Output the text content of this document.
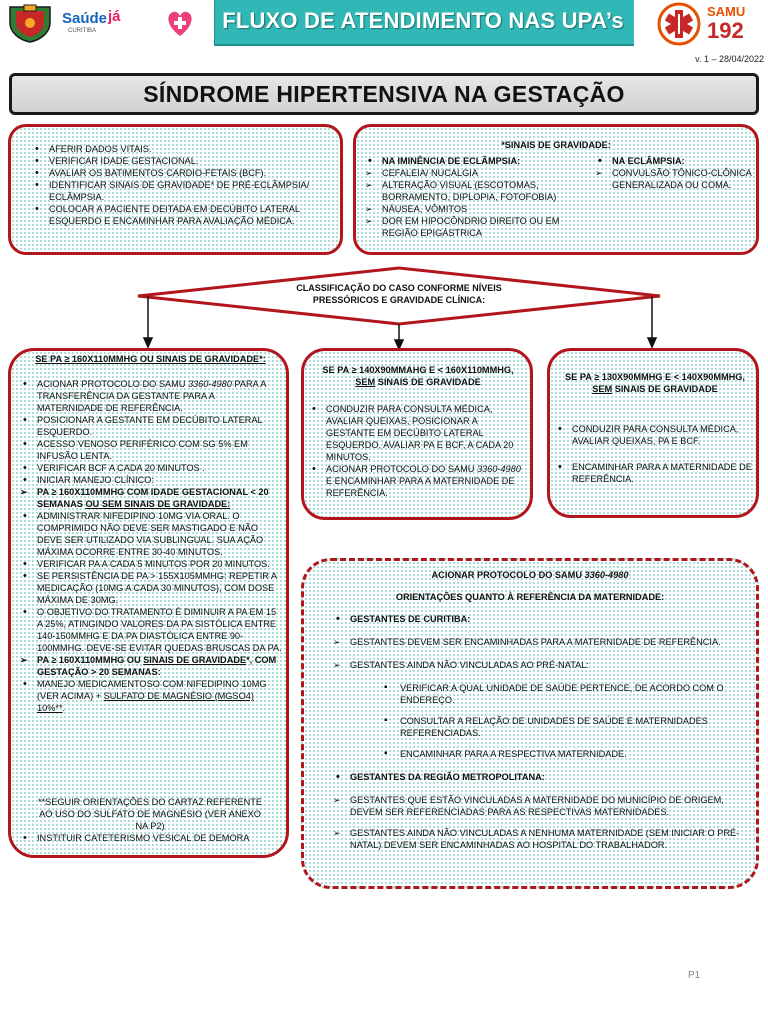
Saúde já
CURITIBA	FLUXO DE ATENDIMENTO NAS UPA’s	SAMU
192
v. 1 – 28/04/2022
SÍNDROME HIPERTENSIVA NA GESTAÇÃO
• AFERIR DADOS VITAIS.
• VERIFICAR IDADE GESTACIONAL.
• AVALIAR OS BATIMENTOS CARDIO-FETAIS (BCF).
• IDENTIFICAR SINAIS DE GRAVIDADE* DE PRÉ-ECLÂMPSIA/ ECLÂMPSIA.
• COLOCAR A PACIENTE DEITADA EM DECÚBITO LATERAL ESQUERDO E ENCAMINHAR PARA AVALIAÇÃO MÉDICA.
*SINAIS DE GRAVIDADE:
• NA IMINÊNCIA DE ECLÂMPSIA:
➢ CEFALEIA/ NUCALGIA
➢ ALTERAÇÃO VISUAL (ESCOTOMAS, BORRAMENTO, DIPLOPIA, FOTOFOBIA)
➢ NÁUSEA, VÔMITOS
➢ DOR EM HIPOCÔNDRIO DIREITO OU EM REGIÃO EPIGÁSTRICA
• NA ECLÂMPSIA:
➢ CONVULSÃO TÔNICO-CLÔNICA GENERALIZADA OU COMA.
CLASSIFICAÇÃO DO CASO CONFORME NÍVEIS PRESSÓRICOS E GRAVIDADE CLÍNICA:
SE PA ≥ 160X110MMHG OU SINAIS DE GRAVIDADE*:
• ACIONAR PROTOCOLO DO SAMU 3360-4980 PARA A TRANSFERÊNCIA DA GESTANTE PARA A MATERNIDADE DE REFERÊNCIA.
• POSICIONAR A GESTANTE EM DECÚBITO LATERAL ESQUERDO.
• ACESSO VENOSO PERIFÉRICO COM SG 5% EM INFUSÃO LENTA.
• VERIFICAR BCF A CADA 20 MINUTOS .
• INICIAR MANEJO CLÍNICO:
➢ PA ≥ 160X110MMHG COM IDADE GESTACIONAL < 20 SEMANAS OU SEM SINAIS DE GRAVIDADE:
• ADMINISTRAR NIFEDIPINO 10MG VIA ORAL. O COMPRIMIDO NÃO DEVE SER MASTIGADO E NÃO DEVE SER UTILIZADO VIA SUBLINGUAL. SUA AÇÃO MÁXIMA OCORRE ENTRE 30-40 MINUTOS.
• VERIFICAR PA A CADA 5 MINUTOS POR 20 MINUTOS.
• SE PERSISTÊNCIA DE PA > 155X105MMHG: REPETIR A MEDICAÇÃO (10MG A CADA 30 MINUTOS), COM DOSE MÁXIMA DE 30MG.
• O OBJETIVO DO TRATAMENTO É DIMINUIR A PA EM 15 A 25%, ATINGINDO VALORES DA PA SISTÓLICA ENTRE 140-150MMHG E DA PA DIASTÓLICA ENTRE 90-100MMHG. DEVE-SE EVITAR QUEDAS BRUSCAS DA PA.
➢ PA ≥ 160X110MMHG OU SINAIS DE GRAVIDADE*, COM GESTAÇÃO > 20 SEMANAS:
• MANEJO MEDICAMENTOSO COM NIFEDIPINO 10MG (VER ACIMA) + SULFATO DE MAGNÉSIO (MGSO4) 10%**.
**SEGUIR ORIENTAÇÕES DO CARTAZ REFERENTE AO USO DO SULFATO DE MAGNÉSIO (VER ANEXO NA P2)
• INSTITUIR CATETERISMO VESICAL DE DEMORA
SE PA ≥ 140X90MMAHG E < 160X110MMHG, SEM SINAIS DE GRAVIDADE
• CONDUZIR PARA CONSULTA MÉDICA, AVALIAR QUEIXAS, POSICIONAR A GESTANTE EM DECÚBITO LATERAL ESQUERDO, AVALIAR PA E BCF, A CADA 20 MINUTOS.
• ACIONAR PROTOCOLO DO SAMU 3360-4980 E ENCAMINHAR PARA A MATERNIDADE DE REFERÊNCIA.
SE PA ≥ 130X90MMHG E < 140X90MMHG, SEM SINAIS DE GRAVIDADE
• CONDUZIR PARA CONSULTA MÉDICA, AVALIAR QUEIXAS, PA E BCF.
• ENCAMINHAR PARA A MATERNIDADE DE REFERÊNCIA.
ACIONAR PROTOCOLO DO SAMU 3360-4980
ORIENTAÇÕES QUANTO À REFERÊNCIA DA MATERNIDADE:
• GESTANTES DE CURITIBA:
➢ GESTANTES DEVEM SER ENCAMINHADAS PARA A MATERNIDADE DE REFERÊNCIA.
➢ GESTANTES AINDA NÃO VINCULADAS AO PRÉ-NATAL:
▪ VERIFICAR A QUAL UNIDADE DE SAÚDE PERTENCE, DE ACORDO COM O ENDEREÇO.
▪ CONSULTAR A RELAÇÃO DE UNIDADES DE SAÚDE E MATERNIDADES REFERENCIADAS.
▪ ENCAMINHAR PARA A RESPECTIVA MATERNIDADE.
• GESTANTES DA REGIÃO METROPOLITANA:
➢ GESTANTES QUE ESTÃO VINCULADAS A MATERNIDADE DO MUNICÍPIO DE ORIGEM, DEVEM SER REFERENCIADAS PARA AS RESPECTIVAS MATERNIDADES.
➢ GESTANTES AINDA NÃO VINCULADAS A NENHUMA MATERNIDADE (SEM INICIAR O PRÉ-NATAL) DEVEM SER ENCAMINHADAS AO HOSPITAL DO TRABALHADOR.
P1
